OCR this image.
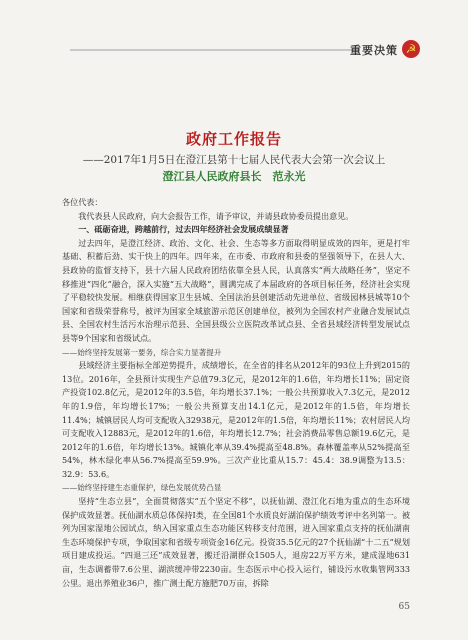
重要决策 ☭
政府工作报告
——2017年1月5日在澄江县第十七届人民代表大会第一次会议上
澄江县人民政府县长　范永光

各位代表：

我代表县人民政府，向大会报告工作，请予审议，并请县政协委员提出意见。

一、砥砺奋进，跨越前行，过去四年经济社会发展成绩显著

过去四年，是澄江经济、政治、文化、社会、生态等多方面取得明显成效的四年，更是打牢基础、积蓄后劲、实干快上的四年。四年来，在市委、市政府和县委的坚强领导下，在县人大、县政协的监督支持下，县十六届人民政府团结依靠全县人民，认真落实“两大战略任务”，坚定不移推进“四化”融合，深入实施“五大战略”，圆满完成了本届政府的各项目标任务，经济社会实现了平稳较快发展。相继获得国家卫生县城、全国法治县创建活动先进单位、省级园林县城等10个国家和省级荣誉称号，被评为国家全域旅游示范区创建单位，被列为全国农村产业融合发展试点县、全国农村生活污水治理示范县、全国县级公立医院改革试点县、全省县域经济转型发展试点县等9个国家和省级试点。

——始终坚持发展第一要务，综合实力显著提升

县域经济主要指标全部逆势提升，成绩增长，在全省的排名从2012年的93位上升到2015的13位。2016年，全县预计实现生产总值79.3亿元，是2012年的1.6倍，年均增长11%；固定资产投资102.8亿元，是2012年的3.5倍，年均增长37.1%；一般公共预算收入7.3亿元，是2012年的1.9倍，年均增长17%；一般公共预算支出14.1亿元，是2012年的1.5倍，年均增长11.4%；城镇居民人均可支配收入32938元，是2012年的1.5倍，年均增长11%；农村居民人均可支配收入12883元，是2012年的1.6倍，年均增长12.7%；社会消费品零售总额19.6亿元，是2012年的1.6倍，年均增长13%。城镇化率从39.4%提高至48.8%。森林覆盖率从52%提高至54%，林木绿化率从56.7%提高至59.9%。三次产业比重从15.7：45.4：38.9调整为13.5：32.9：53.6。

——始终坚持建生态重保护，绿色发展优势凸显

坚持“生态立县”，全面贯彻落实“五个坚定不移”，以抚仙湖、澄江化石地为重点的生态环境保护成效显著。抚仙湖水质总体保持Ⅰ类，在全国81个水质良好湖泊保护绩效考评中名列第一。被列为国家湿地公园试点，纳入国家重点生态功能区转移支付范围，进入国家重点支持的抚仙湖南生态环境保护专项，争取国家和省级专项资金16亿元。投资35.5亿元的27个抚仙湖“十二五”规划项目建成投运。“四退三还”成效显著，搬迁沿湖群众1505人，退房22万平方米，建成湿地631亩，生态调蓄带7.6公里、湖滨缓冲带2230亩。生态医示中心投入运行，铺设污水收集管网333公里。退出养殖业36户，推广测土配方施肥70万亩，拆除

65
